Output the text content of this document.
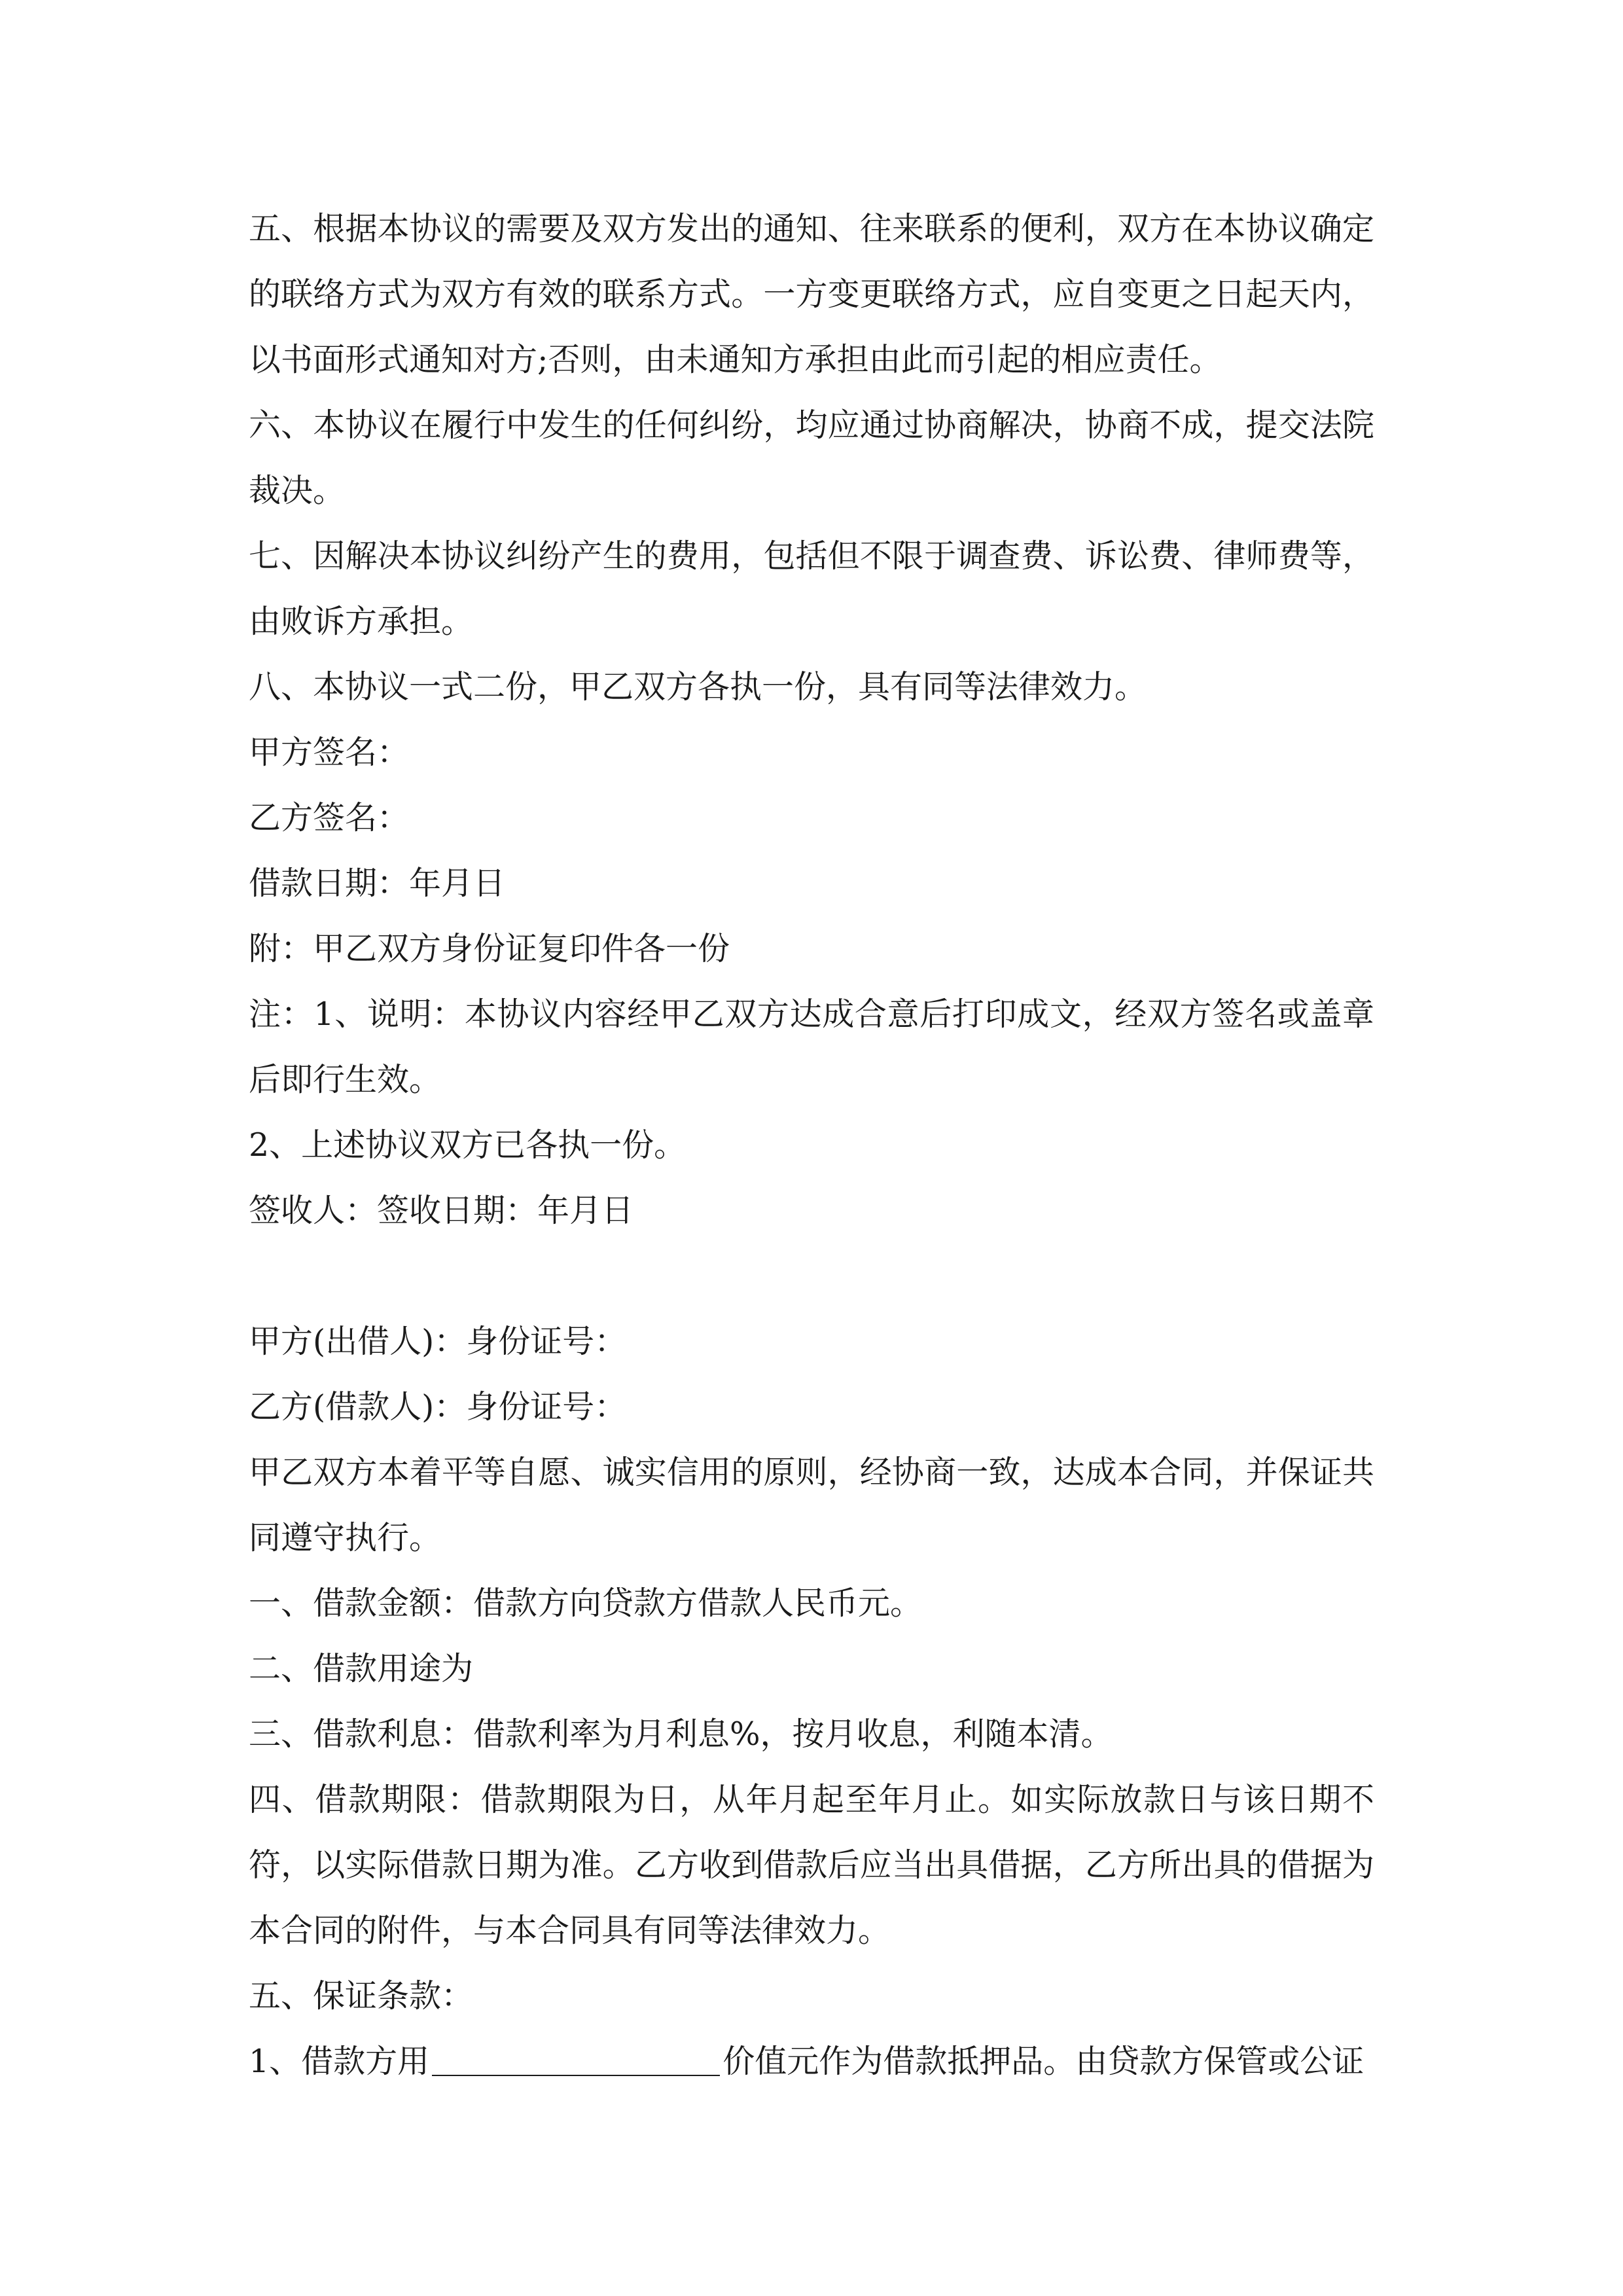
五、根据本协议的需要及双方发出的通知、往来联系的便利，双方在本协议确定的联络方式为双方有效的联系方式。一方变更联络方式，应自变更之日起天内，以书面形式通知对方;否则，由未通知方承担由此而引起的相应责任。

六、本协议在履行中发生的任何纠纷，均应通过协商解决，协商不成，提交法院裁决。

七、因解决本协议纠纷产生的费用，包括但不限于调查费、诉讼费、律师费等，由败诉方承担。

八、本协议一式二份，甲乙双方各执一份，具有同等法律效力。

甲方签名：

乙方签名：

借款日期：年月日

附：甲乙双方身份证复印件各一份

注：1、说明：本协议内容经甲乙双方达成合意后打印成文，经双方签名或盖章后即行生效。

2、上述协议双方已各执一份。

签收人：签收日期：年月日

甲方(出借人)：身份证号：

乙方(借款人)：身份证号：

甲乙双方本着平等自愿、诚实信用的原则，经协商一致，达成本合同，并保证共同遵守执行。

一、借款金额：借款方向贷款方借款人民币元。

二、借款用途为

三、借款利息：借款利率为月利息%，按月收息，利随本清。

四、借款期限：借款期限为日，从年月起至年月止。如实际放款日与该日期不符，以实际借款日期为准。乙方收到借款后应当出具借据，乙方所出具的借据为本合同的附件，与本合同具有同等法律效力。

五、保证条款：

1、借款方用	价值元作为借款抵押品。由贷款方保管或公证
